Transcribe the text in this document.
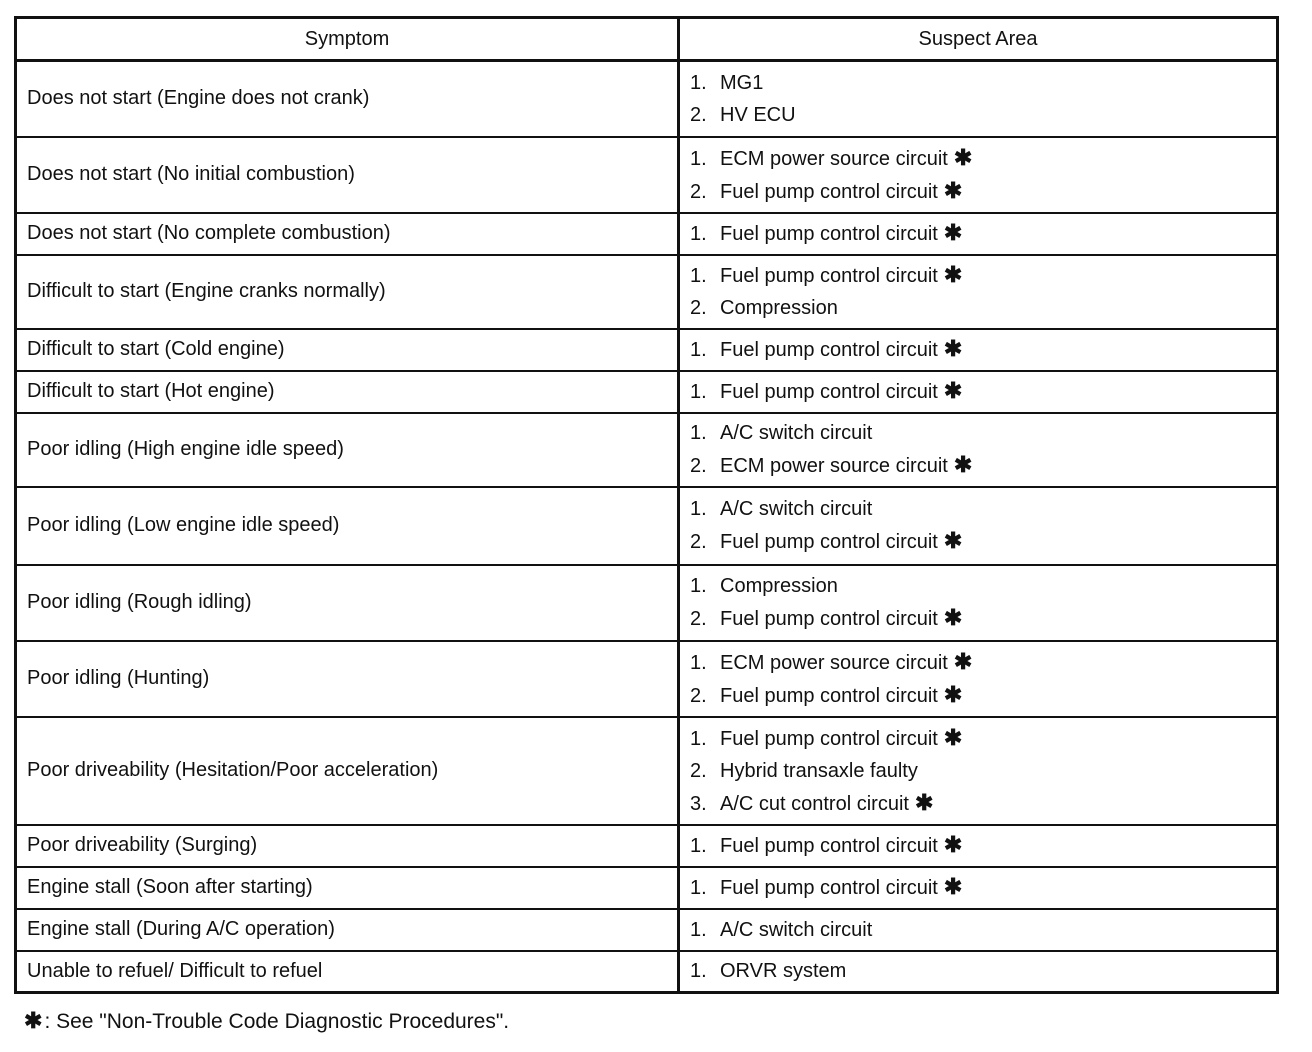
Symptom	Suspect Area
Does not start (Engine does not crank)	1. MG1
2. HV ECU

Does not start (No initial combustion)	1. ECM power source circuit ✱
2. Fuel pump control circuit ✱

Does not start (No complete combustion)	1. Fuel pump control circuit ✱

Difficult to start (Engine cranks normally)	1. Fuel pump control circuit ✱
2. Compression

Difficult to start (Cold engine)	1. Fuel pump control circuit ✱

Difficult to start (Hot engine)	1. Fuel pump control circuit ✱

Poor idling (High engine idle speed)	1. A/C switch circuit
2. ECM power source circuit ✱

Poor idling (Low engine idle speed)	1. A/C switch circuit
2. Fuel pump control circuit ✱

Poor idling (Rough idling)	1. Compression
2. Fuel pump control circuit ✱

Poor idling (Hunting)	1. ECM power source circuit ✱
2. Fuel pump control circuit ✱

Poor driveability (Hesitation/Poor acceleration)	1. Fuel pump control circuit ✱
2. Hybrid transaxle faulty
3. A/C cut control circuit ✱

Poor driveability (Surging)	1. Fuel pump control circuit ✱

Engine stall (Soon after starting)	1. Fuel pump control circuit ✱

Engine stall (During A/C operation)	1. A/C switch circuit

Unable to refuel/ Difficult to refuel	1. ORVR system
✱: See "Non-Trouble Code Diagnostic Procedures".
